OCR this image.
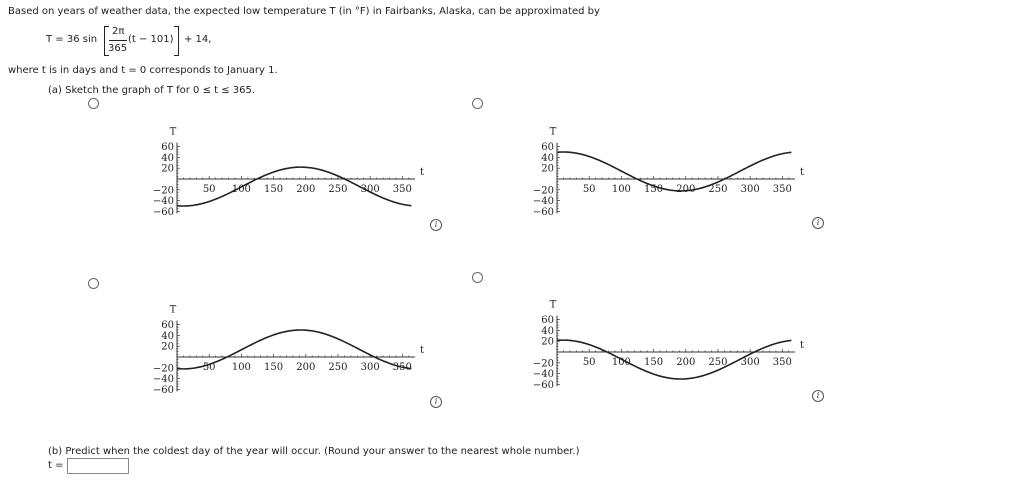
Based on years of weather data, the expected low temperature T (in °F) in Fairbanks, Alaska, can be approximated by
T = 36 sin
2π
365
(t − 101) + 14,
where t is in days and t = 0 corresponds to January 1.
(a) Sketch the graph of T for 0 ≤ t ≤ 365.
50 100 150 200 250 300 350
60
40
20
−20
−40
−60
T
t
50 100 150 200 250 300 350
60
40
20
−20
−40
−60
T
t
50 100 150 200 250 300 350
60
40
20
−20
−40
−60
T
t
50 100 150 200 250 300 350
60
40
20
−20
−40
−60
T
t
i	i
i
i
(b) Predict when the coldest day of the year will occur. (Round your answer to the nearest whole number.)
t =
